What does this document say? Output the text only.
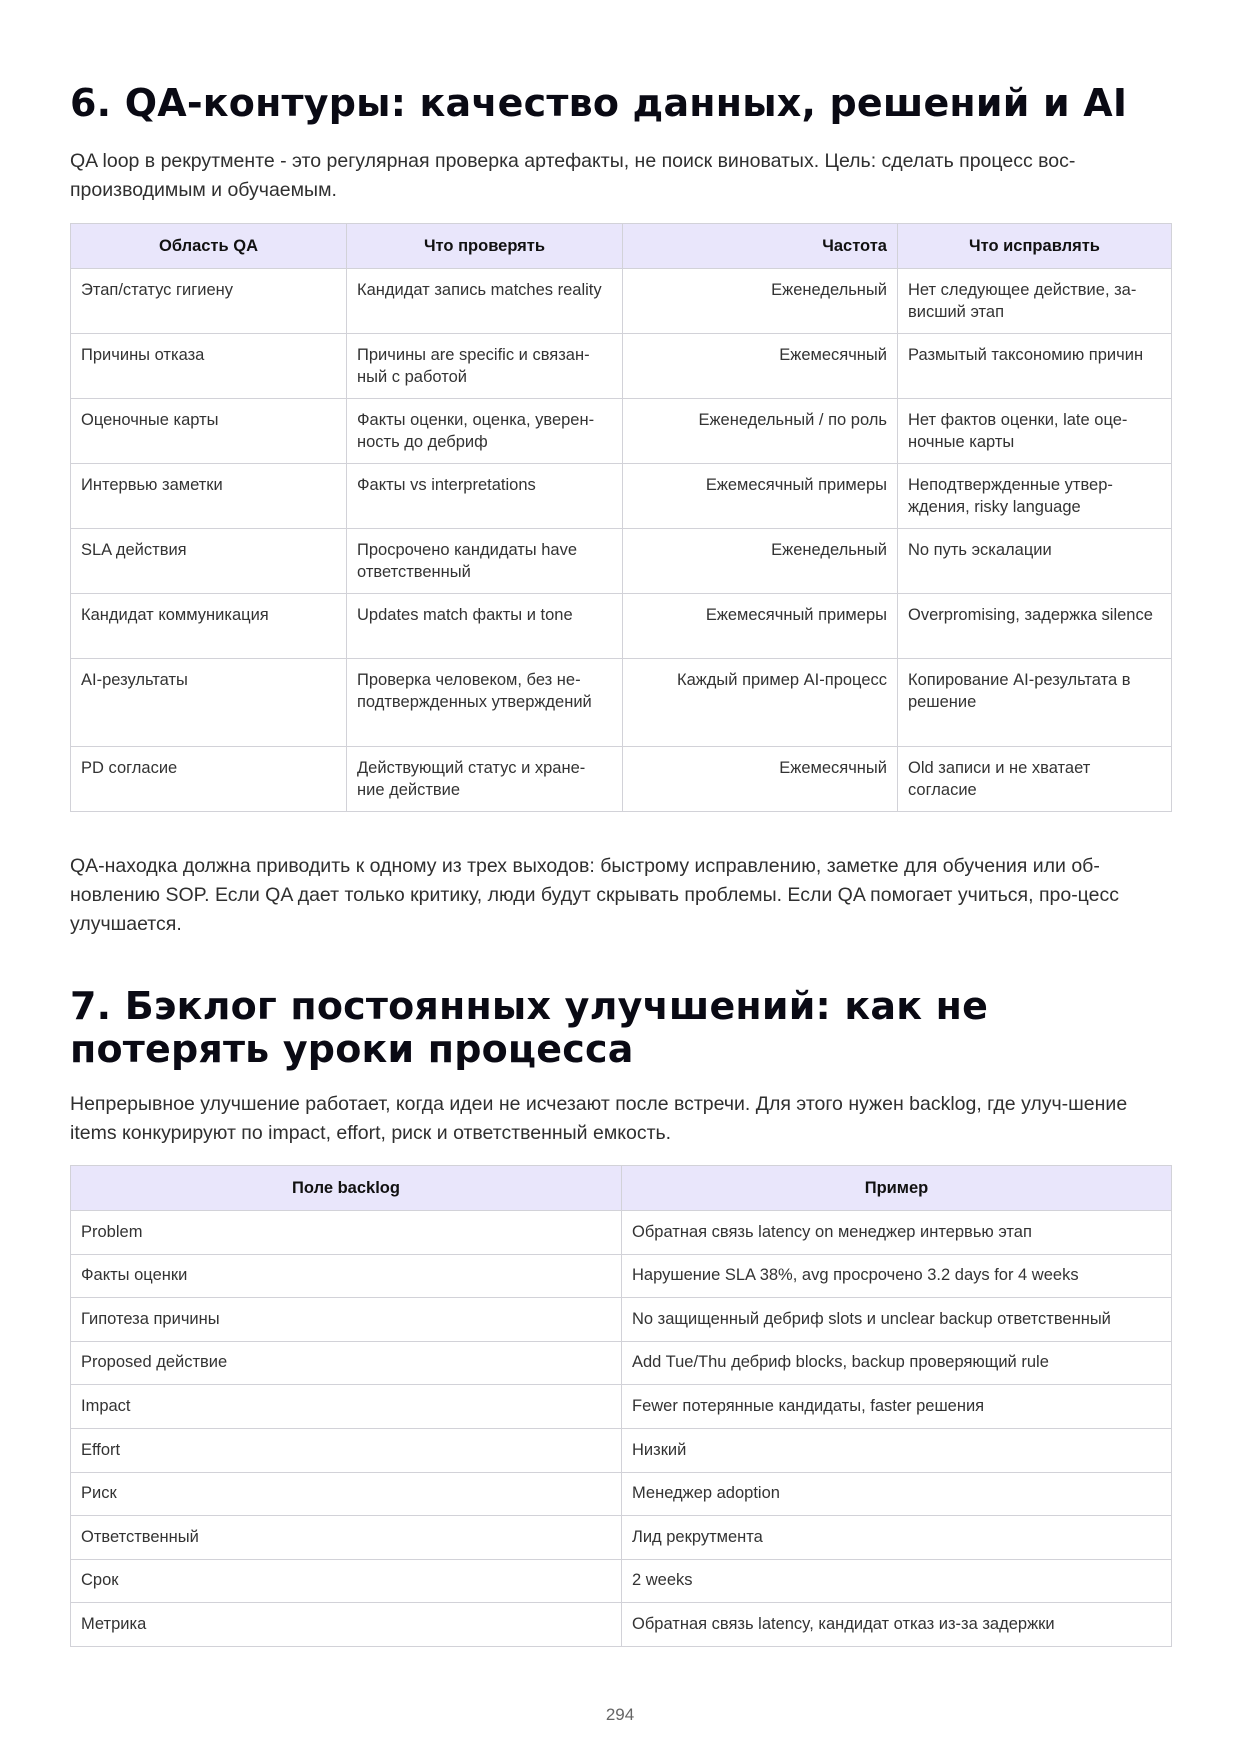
6. QA-контуры: качество данных, решений и AI

QA loop в рекрутменте - это регулярная проверка артефакты, не поиск виноватых. Цель: сделать процесс вос-производимым и обучаемым.

Область QA	Что проверять	Частота	Что исправлять
Этап/статус гигиену	Кандидат запись matches reality	Еженедельный	Нет следующее действие, за-висший этап
Причины отказа	Причины are specific и связан-ный с работой	Ежемесячный	Размытый таксономию причин
Оценочные карты	Факты оценки, оценка, уверен-ность до дебриф	Еженедельный / по роль	Нет фактов оценки, late оце-ночные карты
Интервью заметки	Факты vs interpretations	Ежемесячный примеры	Неподтвержденные утвер-ждения, risky language
SLA действия	Просрочено кандидаты have ответственный	Еженедельный	No путь эскалации
Кандидат коммуникация	Updates match факты и tone	Ежемесячный примеры	Overpromising, задержка silence
AI-результаты	Проверка человеком, без не-подтвержденных утверждений	Каждый пример AI-процесс	Копирование AI-результата в решение
PD согласие	Действующий статус и хране-ние действие	Ежемесячный	Old записи и не хватает согласие

QA-находка должна приводить к одному из трех выходов: быстрому исправлению, заметке для обучения или об-новлению SOP. Если QA дает только критику, люди будут скрывать проблемы. Если QA помогает учиться, про-цесс улучшается.

7. Бэклог постоянных улучшений: как не потерять уроки процесса

Непрерывное улучшение работает, когда идеи не исчезают после встречи. Для этого нужен backlog, где улуч-шение items конкурируют по impact, effort, риск и ответственный емкость.

Поле backlog	Пример
Problem	Обратная связь latency on менеджер интервью этап
Факты оценки	Нарушение SLA 38%, avg просрочено 3.2 days for 4 weeks
Гипотеза причины	No защищенный дебриф slots и unclear backup ответственный
Proposed действие	Add Tue/Thu дебриф blocks, backup проверяющий rule
Impact	Fewer потерянные кандидаты, faster решения
Effort	Низкий
Риск	Менеджер adoption
Ответственный	Лид рекрутмента
Срок	2 weeks
Метрика	Обратная связь latency, кандидат отказ из-за задержки
294
